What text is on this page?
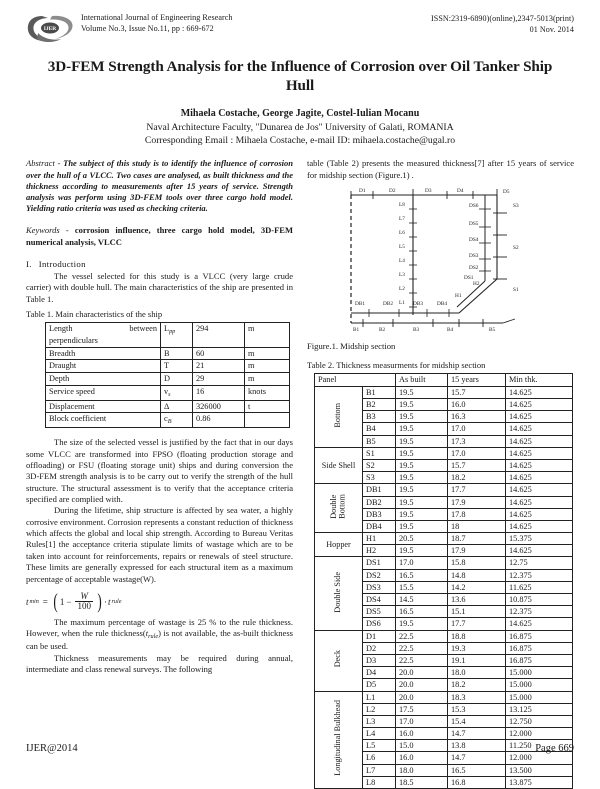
IJER
International Journal of Engineering Research
Volume No.3, Issue No.11, pp : 669-672
ISSN:2319-6890)(online),2347-5013(print)
01 Nov. 2014
3D-FEM Strength Analysis for the Influence of Corrosion over Oil Tanker Ship Hull
Mihaela Costache, George Jagite, Costel-Iulian Mocanu
Naval Architecture Faculty, "Dunarea de Jos" University of Galati, ROMANIA
Corresponding Email : Mihaela Costache, e-mail ID: mihaela.costache@ugal.ro

Abstract - The subject of this study is to identify the influence of corrosion over the hull of a VLCC. Two cases are analysed, as built thickness and the thickness according to measurements after 15 years of service. Strength analysis was perform using 3D-FEM tools over three cargo hold model. Yielding ratio criteria was used as checking criteria.

Keywords - corrosion influence, three cargo hold model, 3D-FEM numerical analysis, VLCC

I. Introduction

The vessel selected for this study is a VLCC (very large crude carrier) with double hull. The main characteristics of the ship are presented in Table 1.

Table 1. Main characteristics of the ship
Length between
perpendiculars	$L_{pp}$	294	m
Breadth	B	60	m
Draught	T	21	m
Depth	D	29	m
Service speed	$v_s$	16	knots
Displacement	Δ	326000	t
Block coefficient	$c_B$	0.86	

The size of the selected vessel is justified by the fact that in our days some VLCC are transformed into FPSO (floating production storage and offloading) or FSU (floating storage unit) ships and during conversion the 3D-FEM strength analysis is to be carry out to verify the strength of the hull structure. The structural assessment is to verify that the acceptance criteria specified are complied with.

During the lifetime, ship structure is affected by sea water, a highly corrosive environment. Corrosion represents a constant reduction of thickness which affects the global and local ship strength. According to Bureau Veritas Rules[1] the acceptance criteria stipulate limits of wastage which are to be taken into account for reinforcements, repairs or renewals of steel structure. These limits are generally expressed for each structural item as a maximum percentage of acceptable wastage(W).

t min = ( $1 - \frac{W}{100}$ ) · t rule

The maximum percentage of wastage is 25 % to the rule thickness. However, when the rule $thickness(t_{rule})$ is not available, the as-built thickness can be used.

Thickness measurements may be required during annual, intermediate and class renewal surveys. The following

table (Table 2) presents the measured thickness[7] after 15 years of service for midship section (Figure.1) .

D1	D2	D3	D4	D5
L8
L7
L6
L5
L4
L3
L2
L1
DS6
DS5
DS4
DS3
DS2
DS1
S3
S2
S1
DB1	DB2	DB3	DB4
B1	B2	B3	B4	B5
H2
H1
Figure.1. Midship section
Table 2. Thickness measurments for midship section
Panel		As built	15 years	Min thk.
Bottom	B1	19.5	15.7	14.625
	B2	19.5	16.0	14.625
	B3	19.5	16.3	14.625
	B4	19.5	17.0	14.625
	B5	19.5	17.3	14.625
Side Shell	S1	19.5	17.0	14.625
	S2	19.5	15.7	14.625
	S3	19.5	18.2	14.625
Double Bottom	DB1	19.5	17.7	14.625
	DB2	19.5	17.9	14.625
	DB3	19.5	17.8	14.625
	DB4	19.5	18	14.625
Hopper	H1	20.5	18.7	15.375
	H2	19.5	17.9	14.625
Double Side	DS1	17.0	15.8	12.75
	DS2	16.5	14.8	12.375
	DS3	15.5	14.2	11.625
	DS4	14.5	13.6	10.875
	DS5	16.5	15.1	12.375
	DS6	19.5	17.7	14.625
Deck	D1	22.5	18.8	16.875
	D2	22.5	19.3	16.875
	D3	22.5	19.1	16.875
	D4	20.0	18.0	15.000
	D5	20.0	18.2	15.000
Longitudinal Bulkhead	L1	20.0	18.3	15.000
	L2	17.5	15.3	13.125
	L3	17.0	15.4	12.750
	L4	16.0	14.7	12.000
	L5	15.0	13.8	11.250
	L6	16.0	14.7	12.000
	L7	18.0	16.5	13.500
	L8	18.5	16.8	13.875
IJER@2014	Page 669
